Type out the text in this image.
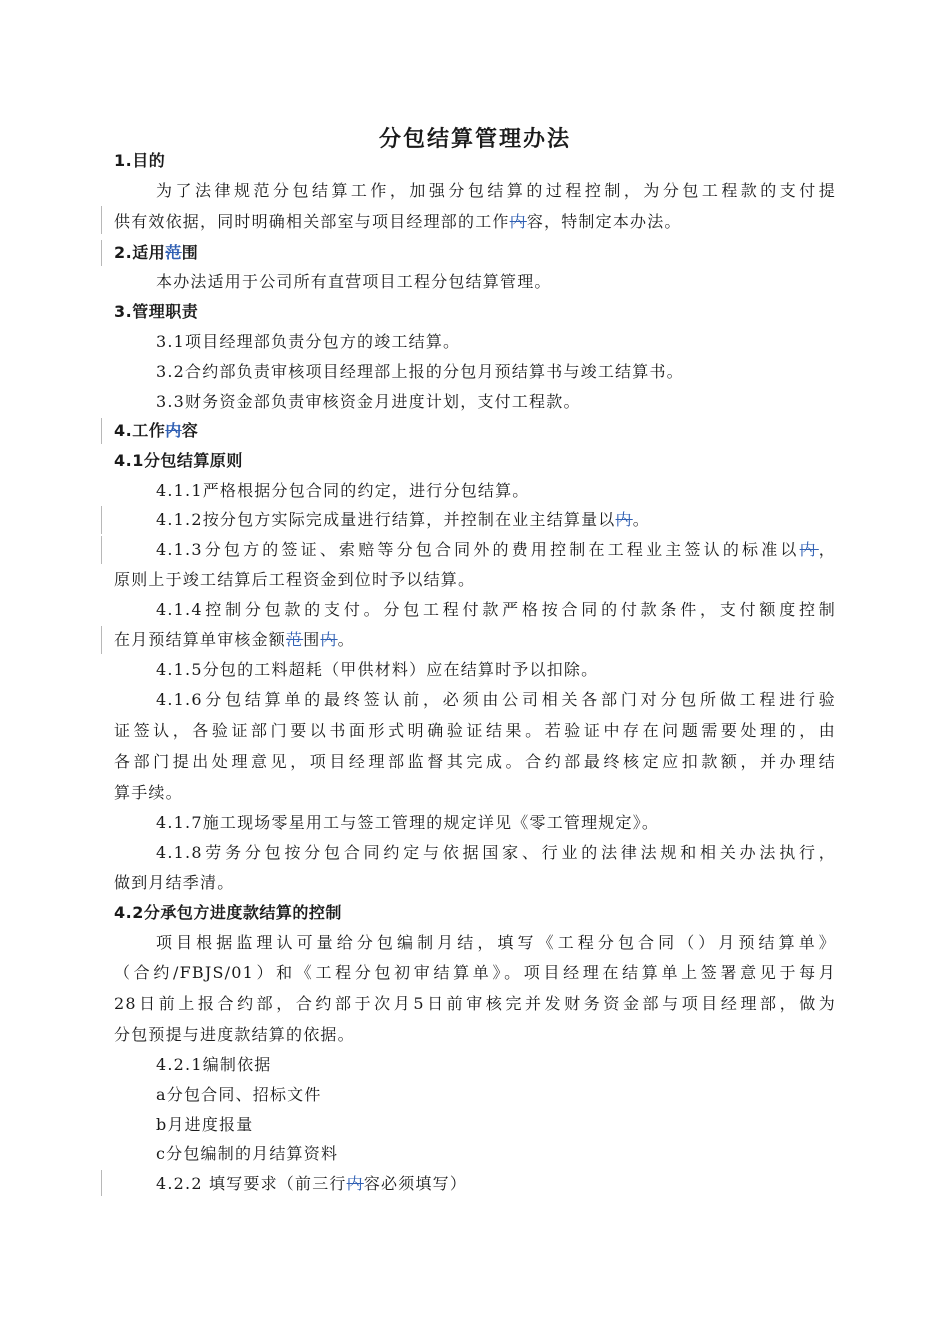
分包结算管理办法
1.目的
为了法律规范分包结算工作，加强分包结算的过程控制，为分包工程款的支付提
供有效依据，同时明确相关部室与项目经理部的工作内容，特制定本办法。
2.适用范围
本办法适用于公司所有直营项目工程分包结算管理。
3.管理职责
3.1项目经理部负责分包方的竣工结算。
3.2合约部负责审核项目经理部上报的分包月预结算书与竣工结算书。
3.3财务资金部负责审核资金月进度计划，支付工程款。
4.工作内容
4.1分包结算原则
4.1.1严格根据分包合同的约定，进行分包结算。
4.1.2按分包方实际完成量进行结算，并控制在业主结算量以内。
4.1.3分包方的签证、索赔等分包合同外的费用控制在工程业主签认的标准以内，
原则上于竣工结算后工程资金到位时予以结算。
4.1.4控制分包款的支付。分包工程付款严格按合同的付款条件，支付额度控制
在月预结算单审核金额范围内。
4.1.5分包的工料超耗（甲供材料）应在结算时予以扣除。
4.1.6分包结算单的最终签认前，必须由公司相关各部门对分包所做工程进行验
证签认，各验证部门要以书面形式明确验证结果。若验证中存在问题需要处理的，由
各部门提出处理意见，项目经理部监督其完成。合约部最终核定应扣款额，并办理结
算手续。
4.1.7施工现场零星用工与签工管理的规定详见《零工管理规定》。
4.1.8劳务分包按分包合同约定与依据国家、行业的法律法规和相关办法执行，
做到月结季清。
4.2分承包方进度款结算的控制
项目根据监理认可量给分包编制月结，填写《工程分包合同（）月预结算单》
（合约/FBJS/01）和《工程分包初审结算单》。项目经理在结算单上签署意见于每月
28日前上报合约部，合约部于次月5日前审核完并发财务资金部与项目经理部，做为
分包预提与进度款结算的依据。
4.2.1编制依据
a分包合同、招标文件
b月进度报量
c分包编制的月结算资料
4.2.2 填写要求（前三行内容必须填写）
